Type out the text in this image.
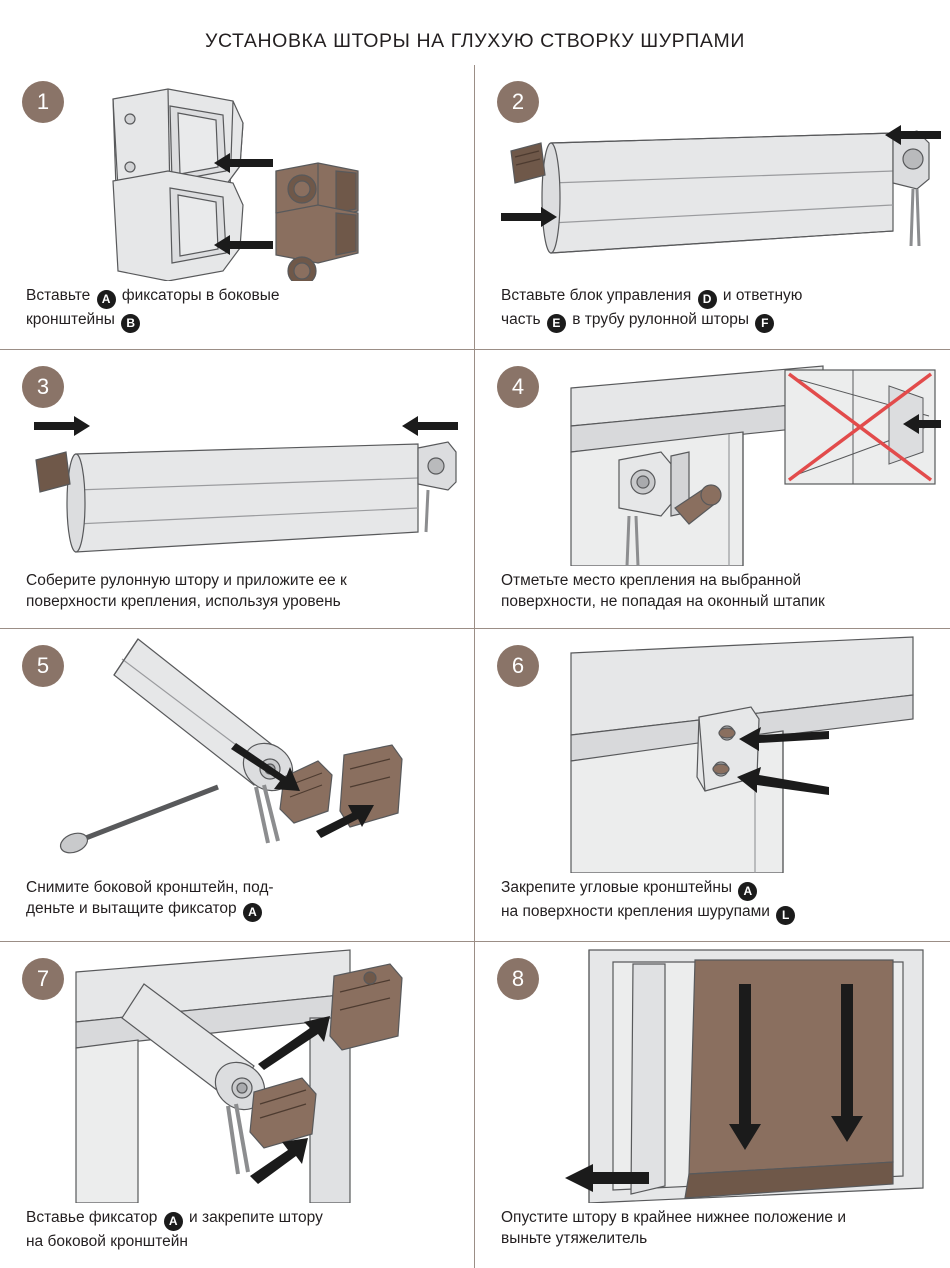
УСТАНОВКА ШТОРЫ НА ГЛУХУЮ СТВОРКУ ШУРПАМИ
1
Вставьте A фиксаторы в боковые
кронштейны B
2
Вставьте блок управления D и ответную
часть E в трубу рулонной шторы F
3
Соберите рулонную штору и приложите ее к
поверхности крепления, используя уровень
4
Отметьте место крепления на выбранной
поверхности, не попадая на оконный штапик
5
Снимите боковой кронштейн, под-
деньте и вытащите фиксатор A
6
Закрепите угловые кронштейны A
на поверхности крепления шурупами L
7
Вставье фиксатор A и закрепите штору
на боковой кронштейн
8
Опустите штору в крайнее нижнее положение и
выньте утяжелитель
